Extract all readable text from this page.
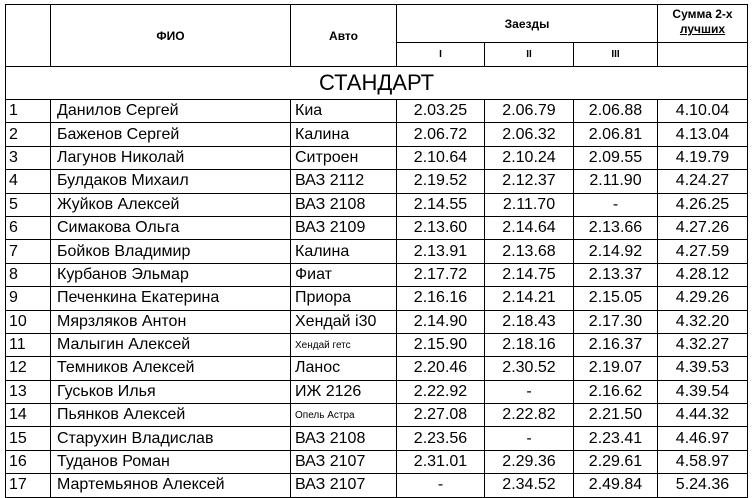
	ФИО	Авто	Заезды			Сумма 2-х
лучших

			I	II	III	
СТАНДАРТ						
1	Данилов Сергей	Киа	2.03.25	2.06.79	2.06.88	4.10.04
2	Баженов Сергей	Калина	2.06.72	2.06.32	2.06.81	4.13.04
3	Лагунов Николай	Ситроен	2.10.64	2.10.24	2.09.55	4.19.79
4	Булдаков Михаил	ВАЗ 2112	2.19.52	2.12.37	2.11.90	4.24.27
5	Жуйков Алексей	ВАЗ 2108	2.14.55	2.11.70	-	4.26.25
6	Симакова Ольга	ВАЗ 2109	2.13.60	2.14.64	2.13.66	4.27.26
7	Бойков Владимир	Калина	2.13.91	2.13.68	2.14.92	4.27.59
8	Курбанов Эльмар	Фиат	2.17.72	2.14.75	2.13.37	4.28.12
9	Печенкина Екатерина	Приора	2.16.16	2.14.21	2.15.05	4.29.26
10	Мярзляков Антон	Хендай i30	2.14.90	2.18.43	2.17.30	4.32.20
11	Малыгин Алексей	Хендай гетс	2.15.90	2.18.16	2.16.37	4.32.27
12	Темников Алексей	Ланос	2.20.46	2.30.52	2.19.07	4.39.53
13	Гуськов Илья	ИЖ 2126	2.22.92	-	2.16.62	4.39.54
14	Пьянков Алексей	Опель Астра	2.27.08	2.22.82	2.21.50	4.44.32
15	Старухин Владислав	ВАЗ 2108	2.23.56	-	2.23.41	4.46.97
16	Туданов Роман	ВАЗ 2107	2.31.01	2.29.36	2.29.61	4.58.97
17	Мартемьянов Алексей	ВАЗ 2107	-	2.34.52	2.49.84	5.24.36
